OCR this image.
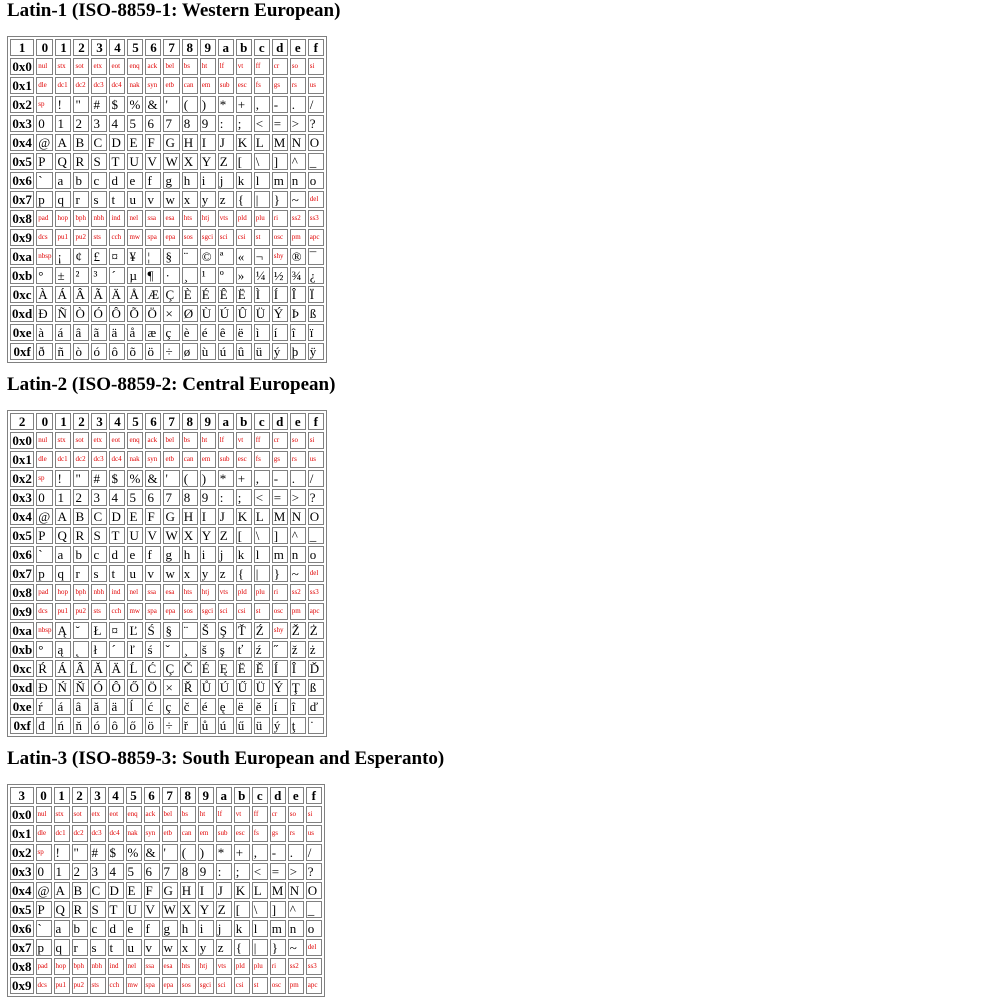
Latin-1 (ISO-8859-1: Western European)
1	0	1	2	3	4	5	6	7	8	9	a	b	c	d	e	f
0x0	nul	stx	sot	etx	eot	enq	ack	bel	bs	ht	lf	vt	ff	cr	so	si
0x1	dle	dc1	dc2	dc3	dc4	nak	syn	etb	can	em	sub	esc	fs	gs	rs	us
0x2	sp	!	"	#	$	%	&	'	(	)	*	+	,	-	.	/
0x3	0	1	2	3	4	5	6	7	8	9	:	;	<	=	>	?
0x4	@	A	B	C	D	E	F	G	H	I	J	K	L	M	N	O
0x5	P	Q	R	S	T	U	V	W	X	Y	Z	[	\	]	^	_
0x6	`	a	b	c	d	e	f	g	h	i	j	k	l	m	n	o
0x7	p	q	r	s	t	u	v	w	x	y	z	{	|	}	~	del
0x8	pad	hop	bph	nbh	ind	nel	ssa	esa	hts	htj	vts	pld	plu	ri	ss2	ss3
0x9	dcs	pu1	pu2	sts	cch	mw	spa	epa	sos	sgci	sci	csi	st	osc	pm	apc
0xa	nbsp	¡	¢	£	¤	¥	¦	§	¨	©	ª	«	¬	shy	®	¯
0xb	°	±	²	³	´	µ	¶	·	¸	¹	º	»	¼	½	¾	¿
0xc	À	Á	Â	Ã	Ä	Å	Æ	Ç	È	É	Ê	Ë	Ì	Í	Î	Ï
0xd	Ð	Ñ	Ò	Ó	Ô	Õ	Ö	×	Ø	Ù	Ú	Û	Ü	Ý	Þ	ß
0xe	à	á	â	ã	ä	å	æ	ç	è	é	ê	ë	ì	í	î	ï
0xf	ð	ñ	ò	ó	ô	õ	ö	÷	ø	ù	ú	û	ü	ý	þ	ÿ
Latin-2 (ISO-8859-2: Central European)
2	0	1	2	3	4	5	6	7	8	9	a	b	c	d	e	f
0x0	nul	stx	sot	etx	eot	enq	ack	bel	bs	ht	lf	vt	ff	cr	so	si
0x1	dle	dc1	dc2	dc3	dc4	nak	syn	etb	can	em	sub	esc	fs	gs	rs	us
0x2	sp	!	"	#	$	%	&	'	(	)	*	+	,	-	.	/
0x3	0	1	2	3	4	5	6	7	8	9	:	;	<	=	>	?
0x4	@	A	B	C	D	E	F	G	H	I	J	K	L	M	N	O
0x5	P	Q	R	S	T	U	V	W	X	Y	Z	[	\	]	^	_
0x6	`	a	b	c	d	e	f	g	h	i	j	k	l	m	n	o
0x7	p	q	r	s	t	u	v	w	x	y	z	{	|	}	~	del
0x8	pad	hop	bph	nbh	ind	nel	ssa	esa	hts	htj	vts	pld	plu	ri	ss2	ss3
0x9	dcs	pu1	pu2	sts	cch	mw	spa	epa	sos	sgci	sci	csi	st	osc	pm	apc
0xa	nbsp	Ą	˘	Ł	¤	Ľ	Ś	§	¨	Š	Ş	Ť	Ź	shy	Ž	Ż
0xb	°	ą	˛	ł	´	ľ	ś	ˇ	¸	š	ş	ť	ź	˝	ž	ż
0xc	Ŕ	Á	Â	Ă	Ä	Ĺ	Ć	Ç	Č	É	Ę	Ë	Ě	Í	Î	Ď
0xd	Đ	Ń	Ň	Ó	Ô	Ő	Ö	×	Ř	Ů	Ú	Ű	Ü	Ý	Ţ	ß
0xe	ŕ	á	â	ă	ä	ĺ	ć	ç	č	é	ę	ë	ě	í	î	ď
0xf	đ	ń	ň	ó	ô	ő	ö	÷	ř	ů	ú	ű	ü	ý	ţ	˙
Latin-3 (ISO-8859-3: South European and Esperanto)
3	0	1	2	3	4	5	6	7	8	9	a	b	c	d	e	f
0x0	nul	stx	sot	etx	eot	enq	ack	bel	bs	ht	lf	vt	ff	cr	so	si
0x1	dle	dc1	dc2	dc3	dc4	nak	syn	etb	can	em	sub	esc	fs	gs	rs	us
0x2	sp	!	"	#	$	%	&	'	(	)	*	+	,	-	.	/
0x3	0	1	2	3	4	5	6	7	8	9	:	;	<	=	>	?
0x4	@	A	B	C	D	E	F	G	H	I	J	K	L	M	N	O
0x5	P	Q	R	S	T	U	V	W	X	Y	Z	[	\	]	^	_
0x6	`	a	b	c	d	e	f	g	h	i	j	k	l	m	n	o
0x7	p	q	r	s	t	u	v	w	x	y	z	{	|	}	~	del
0x8	pad	hop	bph	nbh	ind	nel	ssa	esa	hts	htj	vts	pld	plu	ri	ss2	ss3
0x9	dcs	pu1	pu2	sts	cch	mw	spa	epa	sos	sgci	sci	csi	st	osc	pm	apc
